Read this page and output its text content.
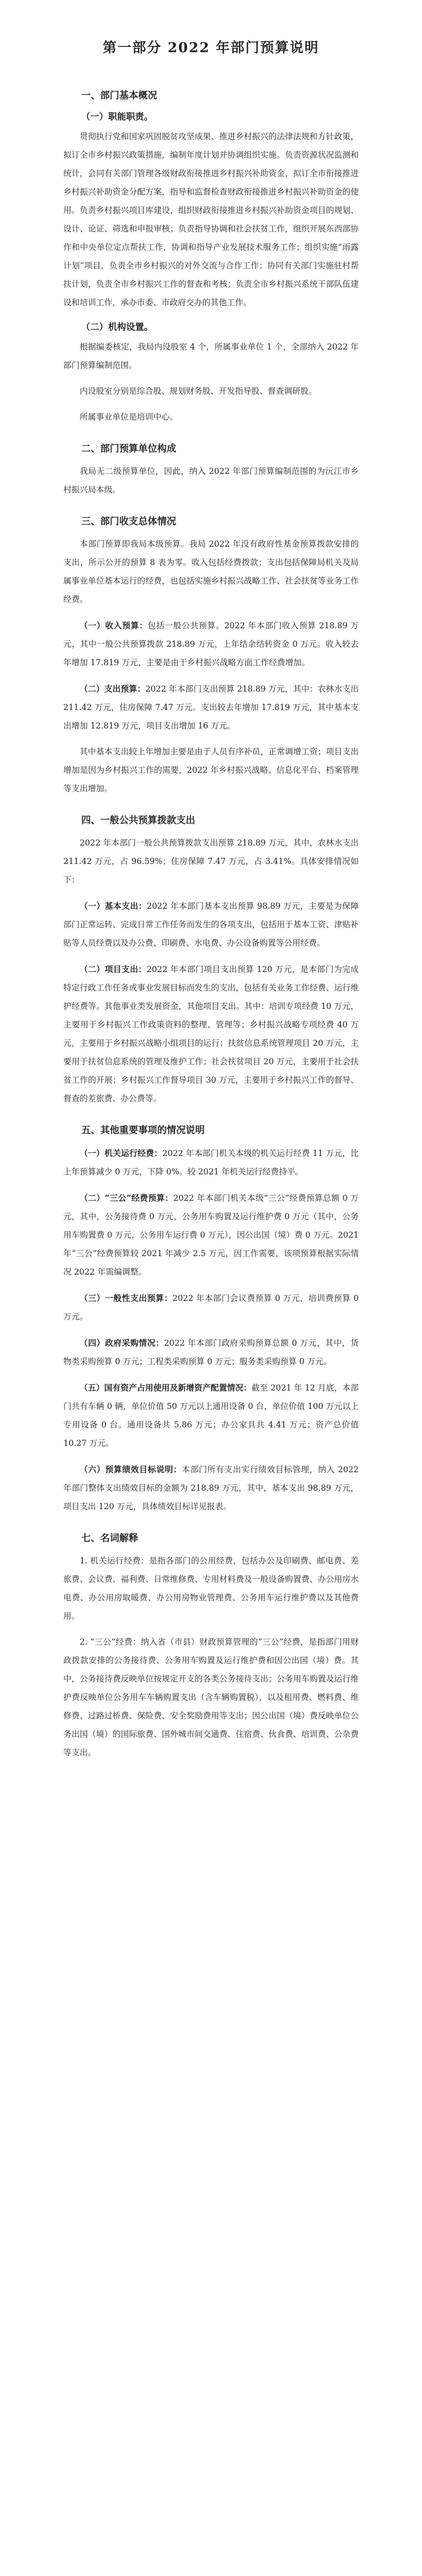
第一部分 2022 年部门预算说明
一、部门基本概况
（一）职能职责。

贯彻执行党和国家巩固脱贫攻坚成果、推进乡村振兴的法律法规和方针政策，拟订全市乡村振兴政策措施，编制年度计划并协调组织实施。负责资源状况监测和统计，会同有关部门管理各级财政衔接推进乡村振兴补助资金，拟订全市衔接推进乡村振兴补助资金分配方案，指导和监督检查财政衔接推进乡村振兴补助资金的使用。负责乡村振兴项目库建设，组织财政衔接推进乡村振兴补助资金项目的规划、设计、论证、筛选和申报审核；负责指导协调和社会扶贫工作，组织开展东西部协作和中央单位定点帮扶工作，协调和指导产业发展技术服务工作；组织实施“雨露计划”项目，负责全市乡村振兴的对外交流与合作工作；协同有关部门实施驻村帮扶计划，负责全市乡村振兴工作的督查和考核；负责全市乡村振兴系统干部队伍建设和培训工作，承办市委、市政府交办的其他工作。

（二）机构设置。

根据编委核定，我局内设股室 4 个，所属事业单位 1 个，全部纳入 2022 年部门预算编制范围。

内设股室分别是综合股、规划财务股、开发指导股、督查调研股。

所属事业单位是培训中心。

二、部门预算单位构成

我局无二级预算单位，因此，纳入 2022 年部门预算编制范围的为沅江市乡村振兴局本级。

三、部门收支总体情况

本部门预算即我局本级预算。我局 2022 年没有政府性基金预算拨款安排的支出，所示公开的预算 8 表为零。收入包括经费拨款；支出包括保障局机关及局属事业单位基本运行的经费，也包括实施乡村振兴战略工作、社会扶贫等业务工作经费。

（一）收入预算：包括一般公共预算。2022 年本部门收入预算 218.89 万元，其中一般公共预算拨款 218.89 万元，上年结余结转资金 0 万元。收入较去年增加 17.819 万元，主要是由于乡村振兴战略方面工作经费增加。

（二）支出预算：2022 年本部门支出预算 218.89 万元，其中：农林水支出 211.42 万元，住房保障 7.47 万元。支出较去年增加 17.819 万元，其中基本支出增加 12.819 万元，项目支出增加 16 万元。

其中基本支出较上年增加主要是由于人员有序补员，正常调增工资；项目支出增加是因为乡村振兴工作的需要，2022 年乡村振兴战略、信息化平台、档案管理等支出增加。

四、一般公共预算拨款支出

2022 年本部门一般公共预算拨款支出预算 218.89 万元，其中，农林水支出 211.42 万元，占 96.59%；住房保障 7.47 万元，占 3.41%。具体安排情况如下：

（一）基本支出：2022 年本部门基本支出预算 98.89 万元，主要是为保障部门正常运转、完成日常工作任务而发生的各项支出，包括用于基本工资、津贴补贴等人员经费以及办公费、印刷费、水电费、办公设备购置等公用经费。

（二）项目支出：2022 年本部门项目支出预算 120 万元，是本部门为完成特定行政工作任务或事业发展目标而发生的支出，包括有关业务工作经费、运行维护经费等。其他事业类发展资金，其他项目支出。其中：培训专项经费 10 万元，主要用于乡村振兴工作政策资料的整理、管理等；乡村振兴战略专项经费 40 万元，主要用于乡村振兴战略小组项目的运行；扶贫信息系统管理项目 20 万元，主要用于扶贫信息系统的管理及维护工作；社会扶贫项目 20 万元，主要用于社会扶贫工作的开展；乡村振兴工作督导项目 30 万元，主要用于乡村振兴工作的督导、督查的差旅费、办公费等。

五、其他重要事项的情况说明

（一）机关运行经费：2022 年本部门机关本级的机关运行经费 11 万元，比上年预算减少 0 万元，下降 0%。较 2021 年机关运行经费持平。

（二）“三公”经费预算：2022 年本部门机关本级“三公”经费预算总额 0 万元，其中，公务接待费 0 万元，公务用车购置及运行维护费 0 万元（其中，公务用车购置费 0 万元，公务用车运行费 0 万元），因公出国（境）费 0 万元。2021 年“三公”经费预算较 2021 年减少 2.5 万元，因工作需要，该项预算根据实际情况 2022 年需编调整。

（三）一般性支出预算：2022 年本部门会议费预算 0 万元，培训费预算 0 万元。

（四）政府采购情况：2022 年本部门政府采购预算总额 0 万元，其中，货物类采购预算 0 万元；工程类采购预算 0 万元；服务类采购预算 0 万元。

（五）国有资产占用使用及新增资产配置情况：截至 2021 年 12 月底，本部门共有车辆 0 辆，单位价值 50 万元以上通用设备 0 台，单位价值 100 万元以上专用设备 0 台。通用设备共 5.86 万元；办公家具共 4.41 万元；资产总价值 10.27 万元。

（六）预算绩效目标说明：本部门所有支出实行绩效目标管理，纳入 2022 年部门整体支出绩效目标的金额为 218.89 万元，其中，基本支出 98.89 万元，项目支出 120 万元，具体绩效目标详见报表。

七、名词解释

1. 机关运行经费：是指各部门的公用经费，包括办公及印刷费、邮电费、差旅费、会议费、福利费、日常维修费、专用材料费及一般设备购置费、办公用房水电费、办公用房取暖费、办公用房物业管理费、公务用车运行维护费以及其他费用。

2. “三公”经费：纳入省（市县）财政预算管理的“三公”经费，是指部门用财政拨款安排的公务接待费、公务用车购置及运行维护费和因公出国（境）费。其中，公务接待费反映单位按规定开支的各类公务接待支出；公务用车购置及运行维护费反映单位公务用车车辆购置支出（含车辆购置税），以及租用费、燃料费、维修费、过路过桥费、保险费、安全奖励费用等支出；因公出国（境）费反映单位公务出国（境）的国际旅费、国外城市间交通费、住宿费、伙食费、培训费、公杂费等支出。
